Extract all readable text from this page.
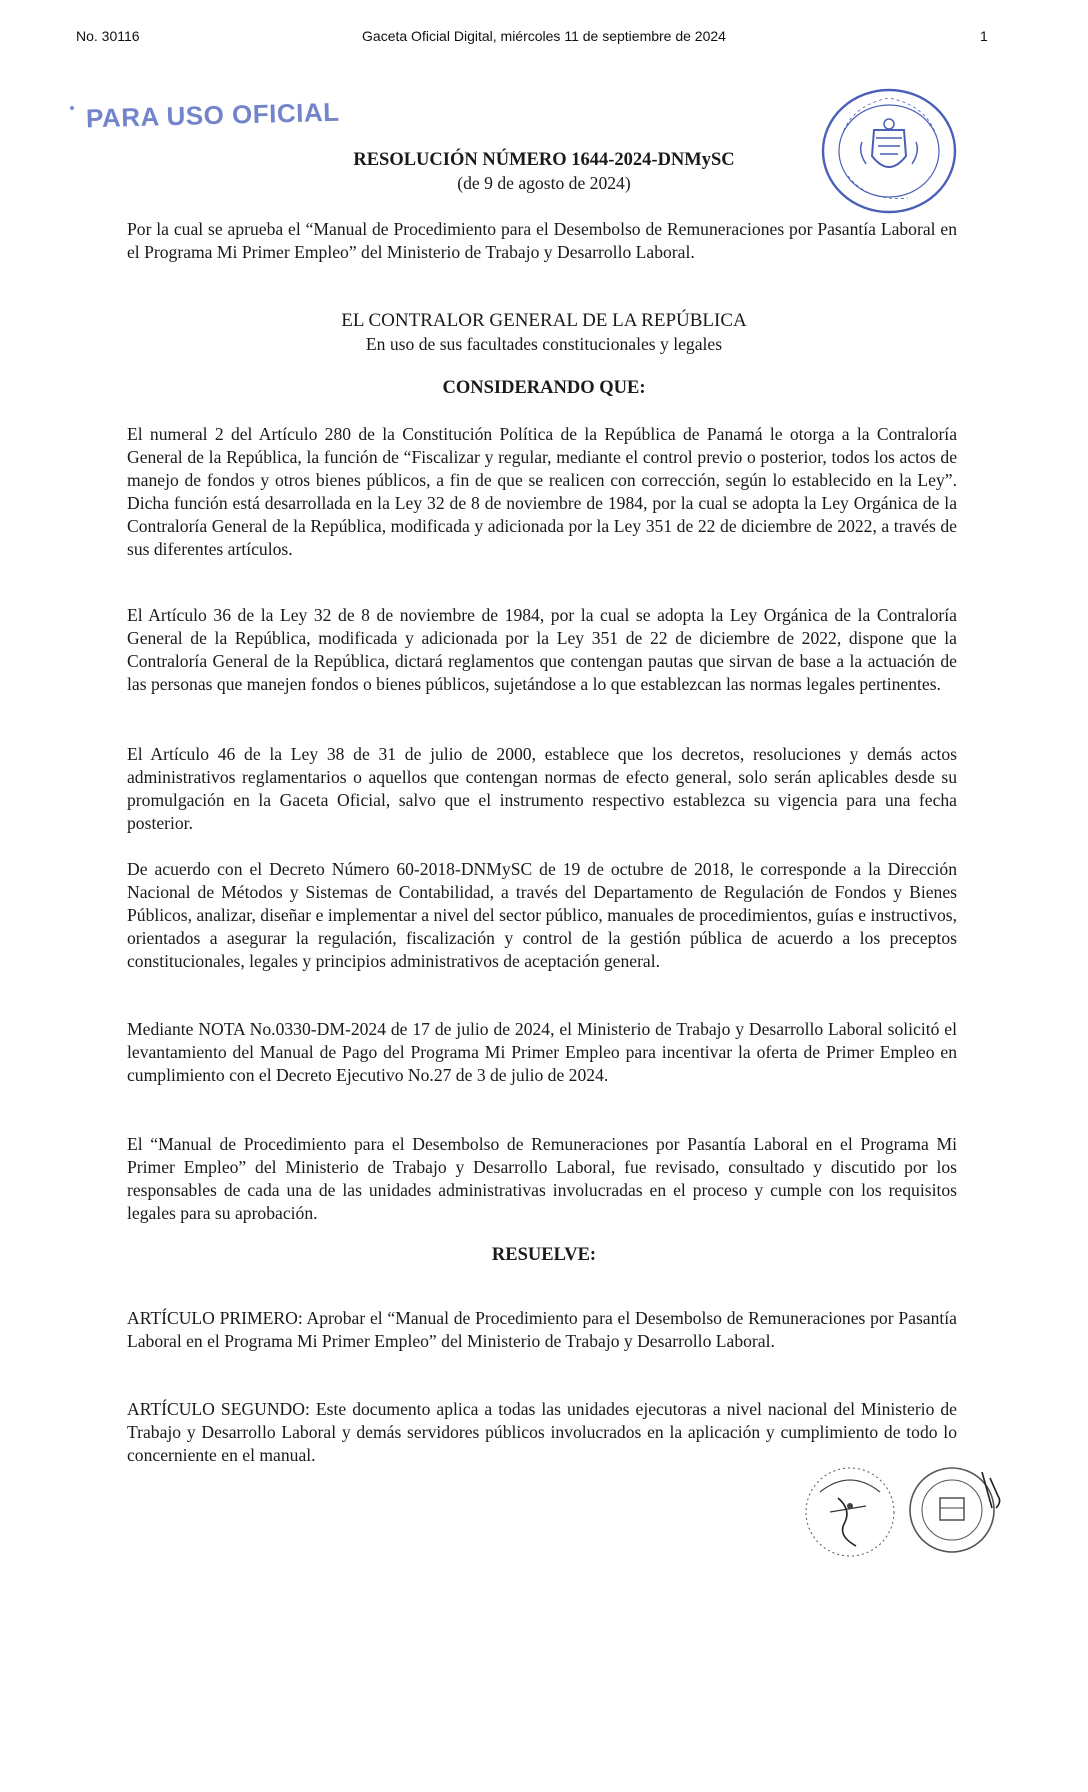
No. 30116	Gaceta Oficial Digital, miércoles 11 de septiembre de 2024	1
PARA USO OFICIAL
RESOLUCIÓN NÚMERO 1644-2024-DNMySC
(de 9 de agosto de 2024)

Por la cual se aprueba el “Manual de Procedimiento para el Desembolso de Remuneraciones por Pasantía Laboral en el Programa Mi Primer Empleo” del Ministerio de Trabajo y Desarrollo Laboral.

EL CONTRALOR GENERAL DE LA REPÚBLICA
En uso de sus facultades constitucionales y legales
CONSIDERANDO QUE:

El numeral 2 del Artículo 280 de la Constitución Política de la República de Panamá le otorga a la Contraloría General de la República, la función de “Fiscalizar y regular, mediante el control previo o posterior, todos los actos de manejo de fondos y otros bienes públicos, a fin de que se realicen con corrección, según lo establecido en la Ley”. Dicha función está desarrollada en la Ley 32 de 8 de noviembre de 1984, por la cual se adopta la Ley Orgánica de la Contraloría General de la República, modificada y adicionada por la Ley 351 de 22 de diciembre de 2022, a través de sus diferentes artículos.

El Artículo 36 de la Ley 32 de 8 de noviembre de 1984, por la cual se adopta la Ley Orgánica de la Contraloría General de la República, modificada y adicionada por la Ley 351 de 22 de diciembre de 2022, dispone que la Contraloría General de la República, dictará reglamentos que contengan pautas que sirvan de base a la actuación de las personas que manejen fondos o bienes públicos, sujetándose a lo que establezcan las normas legales pertinentes.

El Artículo 46 de la Ley 38 de 31 de julio de 2000, establece que los decretos, resoluciones y demás actos administrativos reglamentarios o aquellos que contengan normas de efecto general, solo serán aplicables desde su promulgación en la Gaceta Oficial, salvo que el instrumento respectivo establezca su vigencia para una fecha posterior.

De acuerdo con el Decreto Número 60-2018-DNMySC de 19 de octubre de 2018, le corresponde a la Dirección Nacional de Métodos y Sistemas de Contabilidad, a través del Departamento de Regulación de Fondos y Bienes Públicos, analizar, diseñar e implementar a nivel del sector público, manuales de procedimientos, guías e instructivos, orientados a asegurar la regulación, fiscalización y control de la gestión pública de acuerdo a los preceptos constitucionales, legales y principios administrativos de aceptación general.

Mediante NOTA No.0330-DM-2024 de 17 de julio de 2024, el Ministerio de Trabajo y Desarrollo Laboral solicitó el levantamiento del Manual de Pago del Programa Mi Primer Empleo para incentivar la oferta de Primer Empleo en cumplimiento con el Decreto Ejecutivo No.27 de 3 de julio de 2024.

El “Manual de Procedimiento para el Desembolso de Remuneraciones por Pasantía Laboral en el Programa Mi Primer Empleo” del Ministerio de Trabajo y Desarrollo Laboral, fue revisado, consultado y discutido por los responsables de cada una de las unidades administrativas involucradas en el proceso y cumple con los requisitos legales para su aprobación.

RESUELVE:

ARTÍCULO PRIMERO: Aprobar el “Manual de Procedimiento para el Desembolso de Remuneraciones por Pasantía Laboral en el Programa Mi Primer Empleo” del Ministerio de Trabajo y Desarrollo Laboral.

ARTÍCULO SEGUNDO: Este documento aplica a todas las unidades ejecutoras a nivel nacional del Ministerio de Trabajo y Desarrollo Laboral y demás servidores públicos involucrados en la aplicación y cumplimiento de todo lo concerniente en el manual.
